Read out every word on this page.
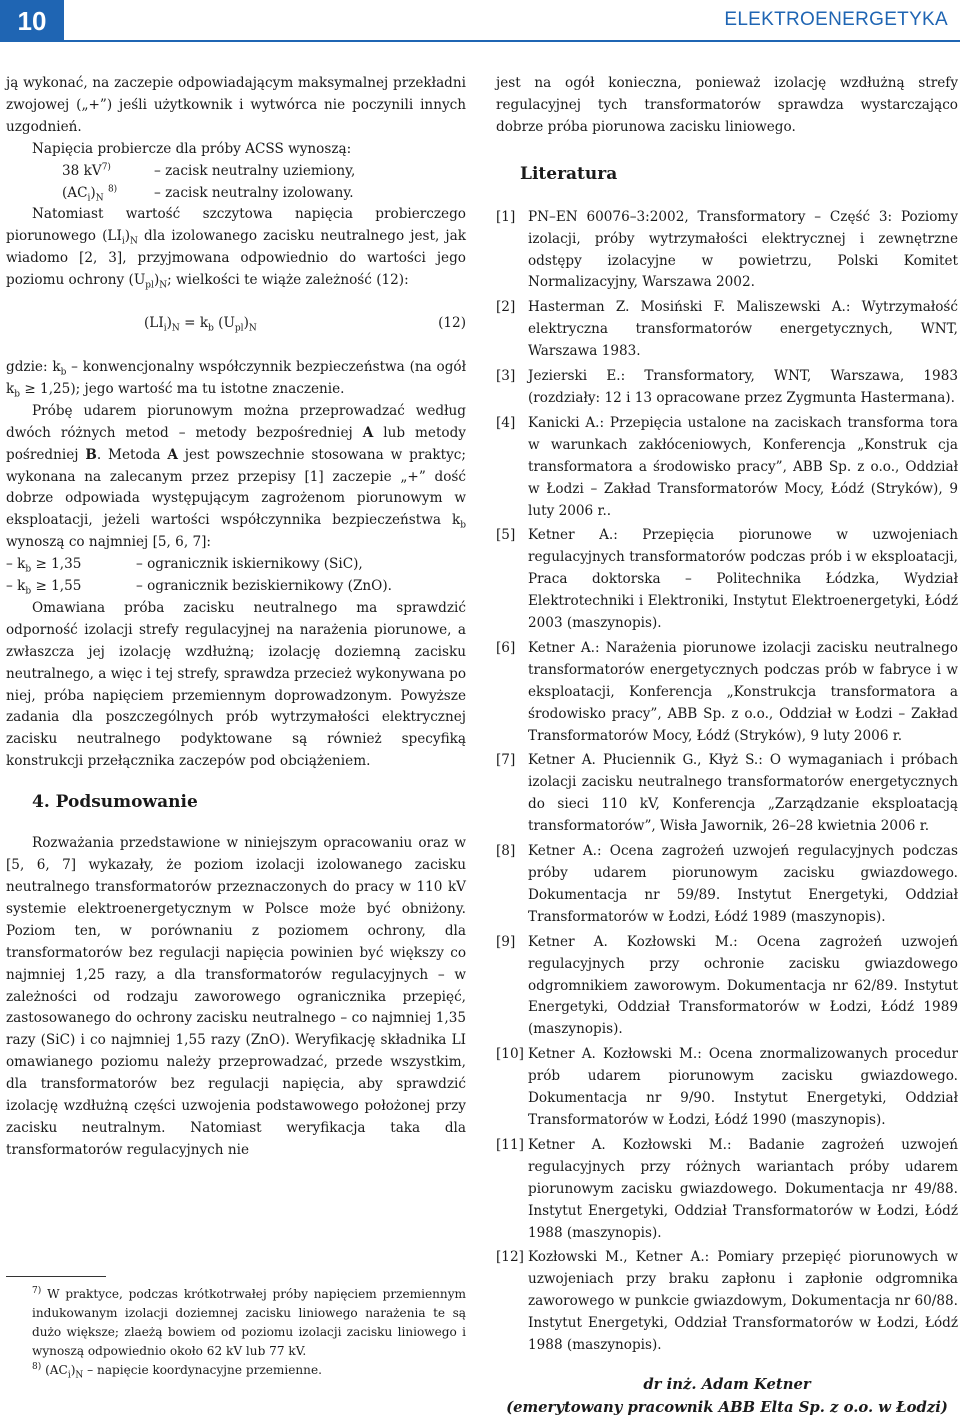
10	ELEKTROENERGETYKA

ją wykonać, na zaczepie odpowiadającym maksymalnej przekładni zwojowej („+”) jeśli użytkownik i wytwórca nie poczynili innych uzgodnień.

Napięcia probiercze dla próby ACSS wynoszą:

38 $kV^{7)}$	– zacisk neutralny uziemiony,
$(AC_i)_N$ $^{8)}$	– zacisk neutralny izolowany.

Natomiast wartość szczytowa napięcia probierczego piorunowego $(LI_i)_N$ dla izolowanego zacisku neutralnego jest, jak wiadomo [2, 3], przyjmowana odpowiednio do wartości jego poziomu ochrony $(U_{pl})_N$; wielkości te wiąże zależność (12):

$(LI_i)_N = k_b$ $(U_{pl})_N$	(12)

gdzie: $k_b$ – konwencjonalny współczynnik bezpieczeństwa (na ogół $k_b \ge 1,25$); jego wartość ma tu istotne znaczenie.

Próbę udarem piorunowym można przeprowadzać według dwóch różnych metod – metody bezpośredniej A lub metody pośredniej B. Metoda A jest powszechnie stosowana w praktyc; wykonana na zalecanym przez przepisy [1] zaczepie „+” dość dobrze odpowiada występującym zagrożenom piorunowym w eksploatacji, jeżeli wartości współczynnika bezpieczeństwa $k_b$ wynoszą co najmniej [5, 6, 7]:

– $k_b \ge 1,35$	– ogranicznik iskiernikowy (SiC),
– $k_b \ge 1,55$	– ogranicznik beziskiernikowy (ZnO).

Omawiana próba zacisku neutralnego ma sprawdzić odporność izolacji strefy regulacyjnej na narażenia piorunowe, a zwłaszcza jej izolację wzdłużną; izolację doziemną zacisku neutralnego, a więc i tej strefy, sprawdza przecież wykonywana po niej, próba napięciem przemiennym doprowadzonym. Powyższe zadania dla poszczególnych prób wytrzymałości elektrycznej zacisku neutralnego podyktowane są również specyfiką konstrukcji przełącznika zaczepów pod obciążeniem.

4. Podsumowanie

Rozważania przedstawione w niniejszym opracowaniu oraz w [5, 6, 7] wykazały, że poziom izolacji izolowanego zacisku neutralnego transformatorów przeznaczonych do pracy w 110 kV systemie elektroenergetycznym w Polsce może być obniżony. Poziom ten, w porównaniu z poziomem ochrony, dla transformatorów bez regulacji napięcia powinien być większy co najmniej 1,25 razy, a dla transformatorów regulacyjnych – w zależności od rodzaju zaworowego ogranicznika przepięć, zastosowanego do ochrony zacisku neutralnego – co najmniej 1,35 razy (SiC) i co najmniej 1,55 razy (ZnO). Weryfikację składnika LI omawianego poziomu należy przeprowadzać, przede wszystkim, dla transformatorów bez regulacji napięcia, aby sprawdzić izolację wzdłużną części uzwojenia podstawowego położonej przy zacisku neutralnym. Natomiast weryfikacja taka dla transformatorów regulacyjnych nie

$^{7)}$ W praktyce, podczas krótkotrwałej próby napięciem przemiennym indukowanym izolacji doziemnej zacisku liniowego narażenia te są dużo większe; zlaeżą bowiem od poziomu izolacji zacisku liniowego i wynoszą odpowiednio około 62 kV lub 77 kV.
$^{8)}$ $(AC_i)_N$ – napięcie koordynacyjne przemienne.

jest na ogół konieczna, ponieważ izolację wzdłużną strefy regulacyjnej tych transformatorów sprawdza wystarczająco dobrze próba piorunowa zacisku liniowego.

Literatura
[1] PN–EN 60076–3:2002, Transformatory – Część 3: Poziomy izolacji, próby wytrzymałości elektrycznej i zewnętrzne odstępy izolacyjne w powietrzu, Polski Komitet Normalizacyjny, Warszawa 2002.
[2] Hasterman Z. Mosiński F. Maliszewski A.: Wytrzymałość elektryczna transformatorów energetycznych, WNT, Warszawa 1983.
[3] Jezierski E.: Transformatory, WNT, Warszawa, 1983 (rozdziały: 12 i 13 opracowane przez Zygmunta Hastermana).
[4] Kanicki A.: Przepięcia ustalone na zaciskach transforma tora w warunkach zakłóceniowych, Konferencja „Konstruk cja transformatora a środowisko pracy”, ABB Sp. z o.o., Oddział w Łodzi – Zakład Transformatorów Mocy, Łódź (Stryków), 9 luty 2006 r..
[5] Ketner A.: Przepięcia piorunowe w uzwojeniach regulacyjnych transformatorów podczas prób i w eksploatacji, Praca doktorska – Politechnika Łódzka, Wydział Elektrotechniki i Elektroniki, Instytut Elektroenergetyki, Łódź 2003 (maszynopis).
[6] Ketner A.: Narażenia piorunowe izolacji zacisku neutralnego transformatorów energetycznych podczas prób w fabryce i w eksploatacji, Konferencja „Konstrukcja transformatora a środowisko pracy”, ABB Sp. z o.o., Oddział w Łodzi – Zakład Transformatorów Mocy, Łódź (Stryków), 9 luty 2006 r.
[7] Ketner A. Płuciennik G., Kłyż S.: O wymaganiach i próbach izolacji zacisku neutralnego transformatorów energetycznych do sieci 110 kV, Konferencja „Zarządzanie eksploatacją transformatorów”, Wisła Jawornik, 26–28 kwietnia 2006 r.
[8] Ketner A.: Ocena zagrożeń uzwojeń regulacyjnych podczas próby udarem piorunowym zacisku gwiazdowego. Dokumentacja nr 59/89. Instytut Energetyki, Oddział Transformatorów w Łodzi, Łódź 1989 (maszynopis).
[9] Ketner A. Kozłowski M.: Ocena zagrożeń uzwojeń regulacyjnych przy ochronie zacisku gwiazdowego odgromnikiem zaworowym. Dokumentacja nr 62/89. Instytut Energetyki, Oddział Transformatorów w Łodzi, Łódź 1989 (maszynopis).
[10] Ketner A. Kozłowski M.: Ocena znormalizowanych procedur prób udarem piorunowym zacisku gwiazdowego. Dokumentacja nr 9/90. Instytut Energetyki, Oddział Transformatorów w Łodzi, Łódź 1990 (maszynopis).
[11] Ketner A. Kozłowski M.: Badanie zagrożeń uzwojeń regulacyjnych przy różnych wariantach próby udarem piorunowym zacisku gwiazdowego. Dokumentacja nr 49/88. Instytut Energetyki, Oddział Transformatorów w Łodzi, Łódź 1988 (maszynopis).
[12] Kozłowski M., Ketner A.: Pomiary przepięć piorunowych w uzwojeniach przy braku zapłonu i zapłonie odgromnika zaworowego w punkcie gwiazdowym, Dokumentacja nr 60/88. Instytut Energetyki, Oddział Transformatorów w Łodzi, Łódź 1988 (maszynopis).
dr inż. Adam Ketner
(emerytowany pracownik ABB Elta Sp. z o.o. w Łodzi)
